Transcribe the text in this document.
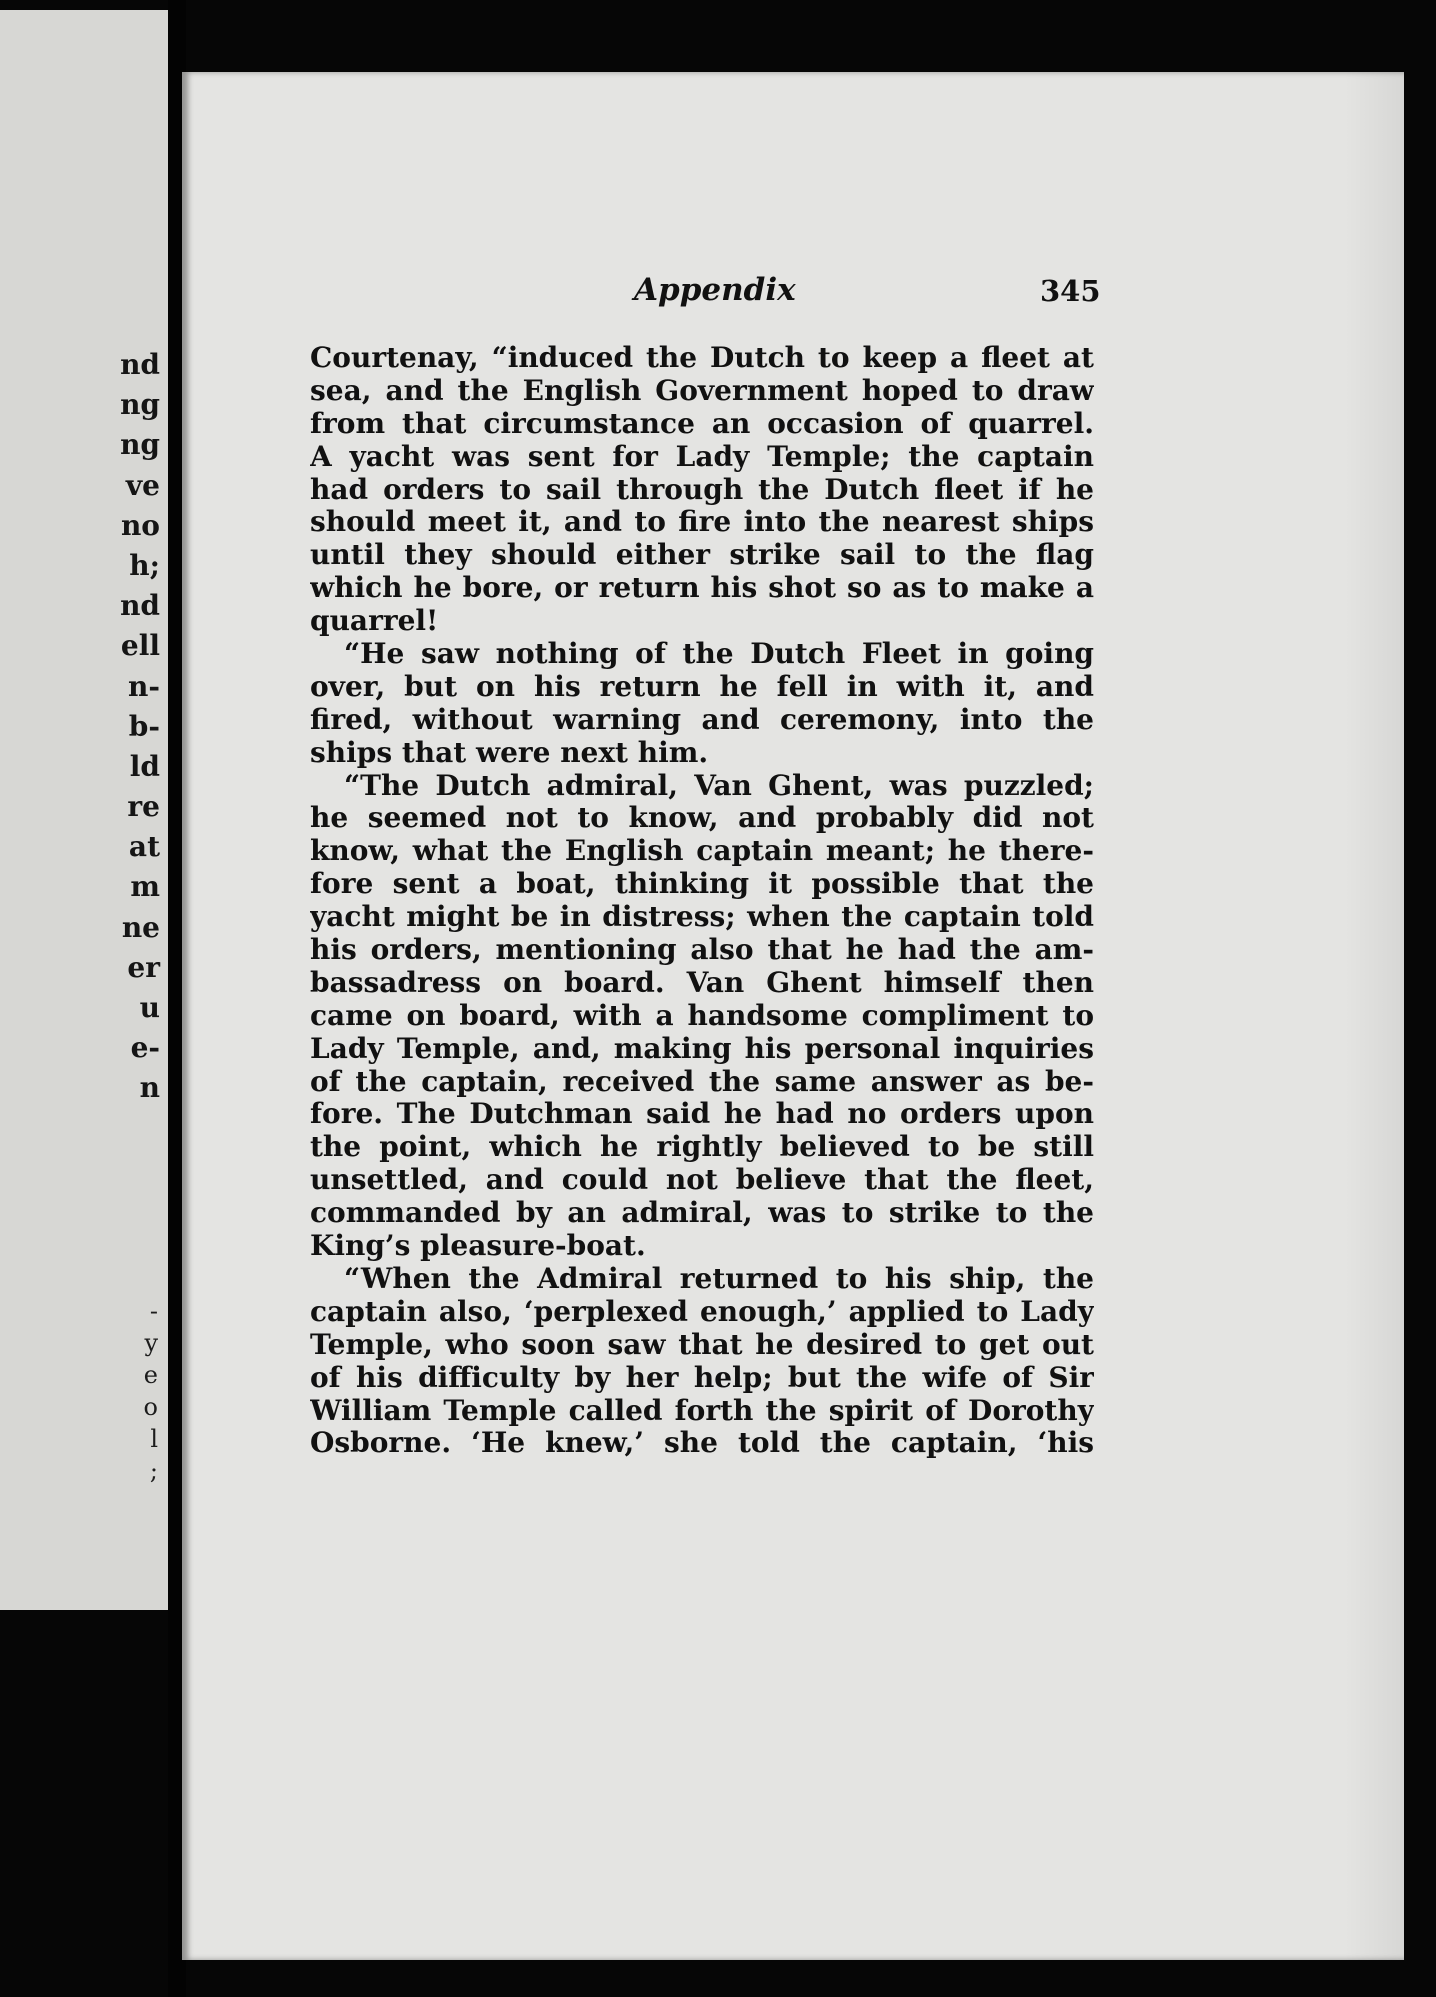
nd
ng
ng
ve
no
h;
nd
ell
n-
b-
ld
re
at
m
ne
er
u
e-
n
-
y
e
o
l
;
Appendix	345
Courtenay, “induced the Dutch to keep a fleet at
sea, and the English Government hoped to draw
from that circumstance an occasion of quarrel.
A yacht was sent for Lady Temple; the captain
had orders to sail through the Dutch fleet if he
should meet it, and to fire into the nearest ships
until they should either strike sail to the flag
which he bore, or return his shot so as to make a
quarrel!
“He saw nothing of the Dutch Fleet in going
over, but on his return he fell in with it, and
fired, without warning and ceremony, into the
ships that were next him.
“The Dutch admiral, Van Ghent, was puzzled;
he seemed not to know, and probably did not
know, what the English captain meant; he there-
fore sent a boat, thinking it possible that the
yacht might be in distress; when the captain told
his orders, mentioning also that he had the am-
bassadress on board. Van Ghent himself then
came on board, with a handsome compliment to
Lady Temple, and, making his personal inquiries
of the captain, received the same answer as be-
fore. The Dutchman said he had no orders upon
the point, which he rightly believed to be still
unsettled, and could not believe that the fleet,
commanded by an admiral, was to strike to the
King’s pleasure-boat.
“When the Admiral returned to his ship, the
captain also, ‘perplexed enough,’ applied to Lady
Temple, who soon saw that he desired to get out
of his difficulty by her help; but the wife of Sir
William Temple called forth the spirit of Dorothy
Osborne. ‘He knew,’ she told the captain, ‘his
